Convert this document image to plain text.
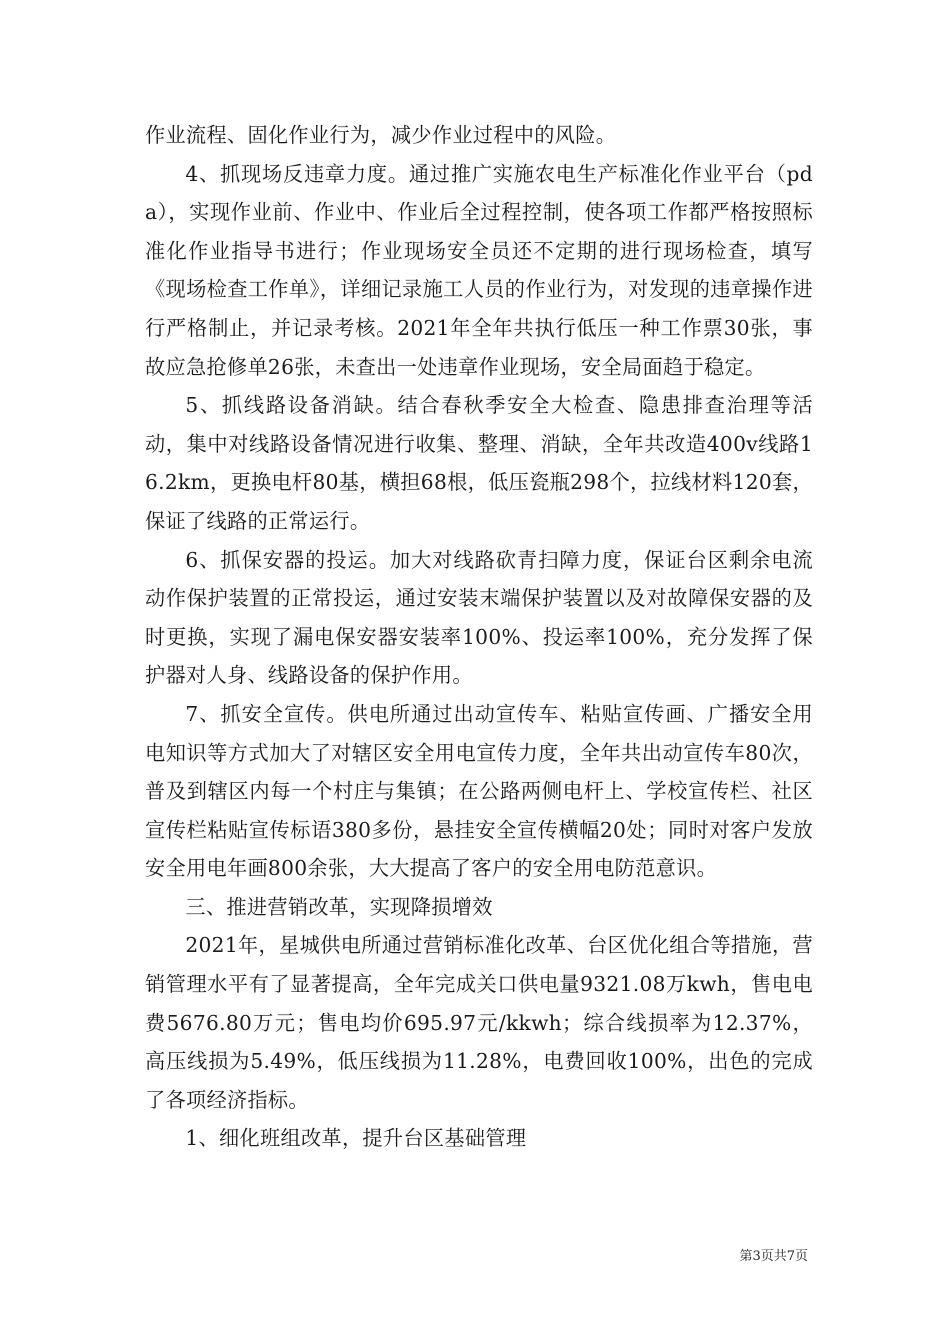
作业流程、固化作业行为，减少作业过程中的风险。

4、抓现场反违章力度。通过推广实施农电生产标准化作业平台（pda），实现作业前、作业中、作业后全过程控制，使各项工作都严格按照标准化作业指导书进行；作业现场安全员还不定期的进行现场检查，填写《现场检查工作单》，详细记录施工人员的作业行为，对发现的违章操作进行严格制止，并记录考核。2021年全年共执行低压一种工作票30张，事故应急抢修单26张，未查出一处违章作业现场，安全局面趋于稳定。

5、抓线路设备消缺。结合春秋季安全大检查、隐患排查治理等活动，集中对线路设备情况进行收集、整理、消缺，全年共改造400v线路16.2km，更换电杆80基，横担68根，低压瓷瓶298个，拉线材料120套，保证了线路的正常运行。

6、抓保安器的投运。加大对线路砍青扫障力度，保证台区剩余电流动作保护装置的正常投运，通过安装末端保护装置以及对故障保安器的及时更换，实现了漏电保安器安装率100%、投运率100%，充分发挥了保护器对人身、线路设备的保护作用。

7、抓安全宣传。供电所通过出动宣传车、粘贴宣传画、广播安全用电知识等方式加大了对辖区安全用电宣传力度，全年共出动宣传车80次，普及到辖区内每一个村庄与集镇；在公路两侧电杆上、学校宣传栏、社区宣传栏粘贴宣传标语380多份，悬挂安全宣传横幅20处；同时对客户发放安全用电年画800余张，大大提高了客户的安全用电防范意识。

三、推进营销改革，实现降损增效

2021年，星城供电所通过营销标准化改革、台区优化组合等措施，营销管理水平有了显著提高，全年完成关口供电量9321.08万kwh，售电电费5676.80万元；售电均价695.97元/kkwh；综合线损率为12.37%，高压线损为5.49%，低压线损为11.28%，电费回收100%，出色的完成了各项经济指标。

1、细化班组改革，提升台区基础管理

第3页共7页
